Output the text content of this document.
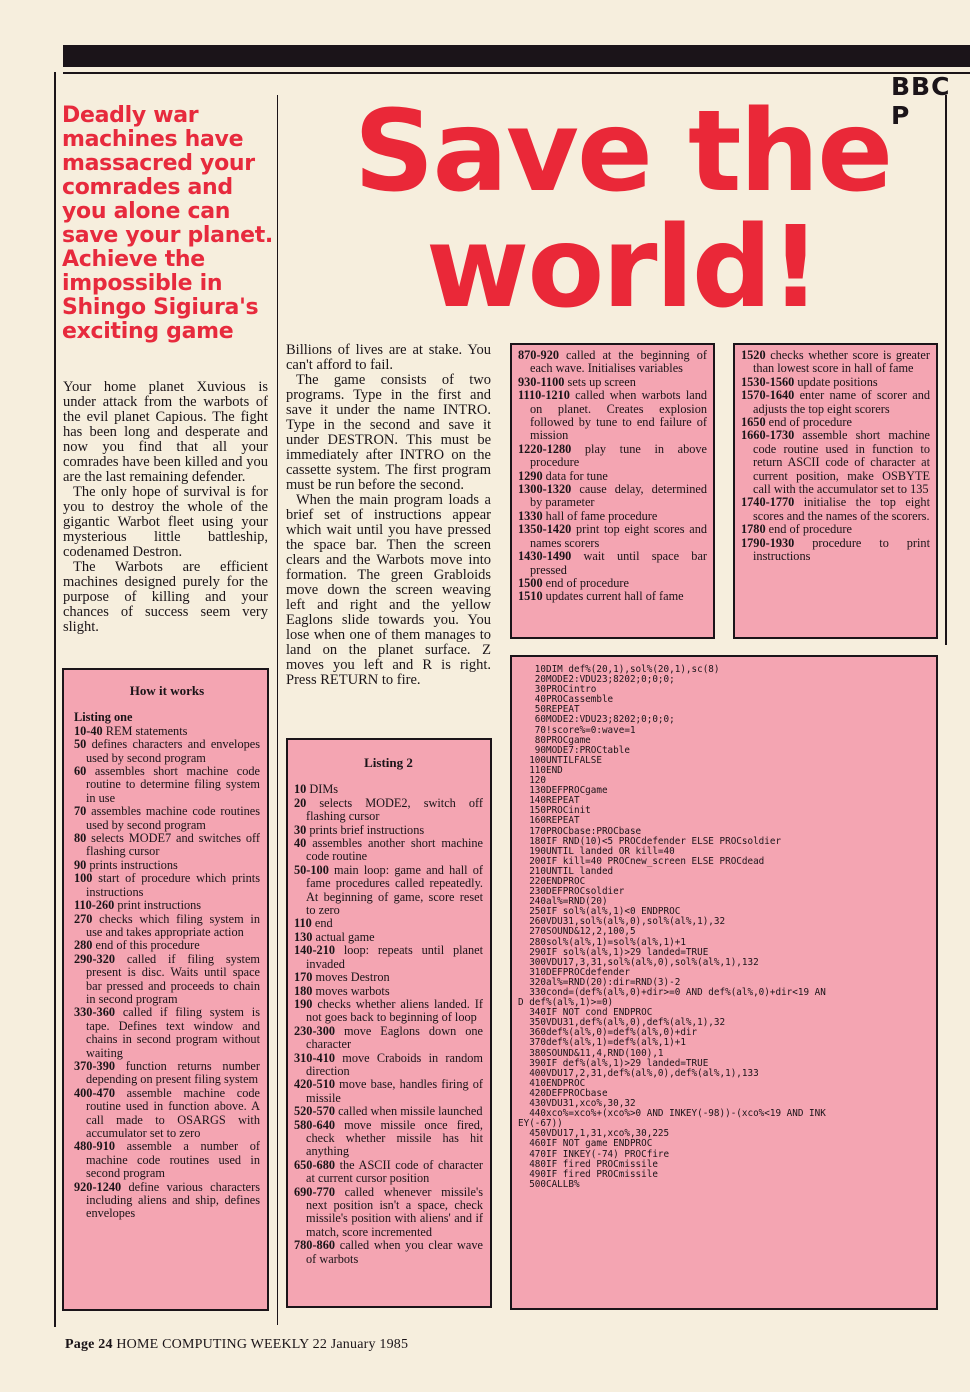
BBC P
Deadly war machines have massacred your comrades and you alone can save your planet. Achieve the impossible in Shingo Sigiura's exciting game
Save the world!

Your home planet Xuvious is under attack from the warbots of the evil planet Capious. The fight has been long and desperate and now you find that all your comrades have been killed and you are the last remaining defender.

The only hope of survival is for you to destroy the whole of the gigantic Warbot fleet using your mysterious little battleship, codenamed Destron.

The Warbots are efficient machines designed purely for the purpose of killing and your chances of success seem very slight.

Billions of lives are at stake. You can't afford to fail.

The game consists of two programs. Type in the first and save it under the name INTRO. Type in the second and save it under DESTRON. This must be immediately after INTRO on the cassette system. The first program must be run before the second.

When the main program loads a brief set of instructions appear which wait until you have pressed the space bar. Then the screen clears and the Warbots move into formation. The green Grabloids move down the screen weaving left and right and the yellow Eaglons slide towards you. You lose when one of them manages to land on the planet surface. Z moves you left and R is right. Press RETURN to fire.

How it works
Listing one
10-40 REM statements
50 defines characters and envelopes used by second program
60 assembles short machine code routine to determine filing system in use
70 assembles machine code routines used by second program
80 selects MODE7 and switches off flashing cursor
90 prints instructions
100 start of procedure which prints instructions
110-260 print instructions
270 checks which filing system in use and takes appropriate action
280 end of this procedure
290-320 called if filing system present is disc. Waits until space bar pressed and proceeds to chain in second program
330-360 called if filing system is tape. Defines text window and chains in second program without waiting
370-390 function returns number depending on present filing system
400-470 assemble machine code routine used in function above. A call made to OSARGS with accumulator set to zero
480-910 assemble a number of machine code routines used in second program
920-1240 define various characters including aliens and ship, defines envelopes
Listing 2
10 DIMs
20 selects MODE2, switch off flashing cursor
30 prints brief instructions
40 assembles another short machine code routine
50-100 main loop: game and hall of fame procedures called repeatedly. At beginning of game, score reset to zero
110 end
130 actual game
140-210 loop: repeats until planet invaded
170 moves Destron
180 moves warbots
190 checks whether aliens landed. If not goes back to beginning of loop
230-300 move Eaglons down one character
310-410 move Craboids in random direction
420-510 move base, handles firing of missile
520-570 called when missile launched
580-640 move missile once fired, check whether missile has hit anything
650-680 the ASCII code of character at current cursor position
690-770 called whenever missile's next position isn't a space, check missile's position with aliens' and if match, score incremented
780-860 called when you clear wave of warbots
870-920 called at the beginning of each wave. Initialises variables
930-1100 sets up screen
1110-1210 called when warbots land on planet. Creates explosion followed by tune to end failure of mission
1220-1280 play tune in above procedure
1290 data for tune
1300-1320 cause delay, determined by parameter
1330 hall of fame procedure
1350-1420 print top eight scores and names scorers
1430-1490 wait until space bar pressed
1500 end of procedure
1510 updates current hall of fame
1520 checks whether score is greater than lowest score in hall of fame
1530-1560 update positions
1570-1640 enter name of scorer and adjusts the top eight scorers
1650 end of procedure
1660-1730 assemble short machine code routine used in function to return ASCII code of character at current position, make OSBYTE call with the accumulator set to 135
1740-1770 initialise the top eight scores and the names of the scorers.
1780 end of procedure
1790-1930 procedure to print instructions
10DIM def%(20,1),sol%(20,1),sc(8)
20MODE2:VDU23;8202;0;0;0;
30PROCintro
40PROCassemble
50REPEAT
60MODE2:VDU23;8202;0;0;0;
70!score%=0:wave=1
80PROCgame
90MODE7:PROCtable
100UNTILFALSE
110END
120
130DEFPROCgame
140REPEAT
150PROCinit
160REPEAT
170PROCbase:PROCbase
180IF RND(10)<5 PROCdefender ELSE PROCsoldier
190UNTIL landed OR kill=40
200IF kill=40 PROCnew_screen ELSE PROCdead
210UNTIL landed
220ENDPROC
230DEFPROCsoldier
240al%=RND(20)
250IF sol%(al%,1)<0 ENDPROC
260VDU31,sol%(al%,0),sol%(al%,1),32
270SOUND&12,2,100,5
280sol%(al%,1)=sol%(al%,1)+1
290IF sol%(al%,1)>29 landed=TRUE
300VDU17,3,31,sol%(al%,0),sol%(al%,1),132
310DEFPROCdefender
320al%=RND(20):dir=RND(3)-2
330cond=(def%(al%,0)+dir>=0 AND def%(al%,0)+dir<19 AN
D def%(al%,1)>=0)
340IF NOT cond ENDPROC
350VDU31,def%(al%,0),def%(al%,1),32
360def%(al%,0)=def%(al%,0)+dir
370def%(al%,1)=def%(al%,1)+1
380SOUND&11,4,RND(100),1
390IF def%(al%,1)>29 landed=TRUE
400VDU17,2,31,def%(al%,0),def%(al%,1),133
410ENDPROC
420DEFPROCbase
430VDU31,xco%,30,32
440xco%=xco%+(xco%>0 AND INKEY(-98))-(xco%<19 AND INK
EY(-67))
450VDU17,1,31,xco%,30,225
460IF NOT game ENDPROC
470IF INKEY(-74) PROCfire
480IF fired PROCmissile
490IF fired PROCmissile
500CALLB%
Page 24 HOME COMPUTING WEEKLY 22 January 1985
